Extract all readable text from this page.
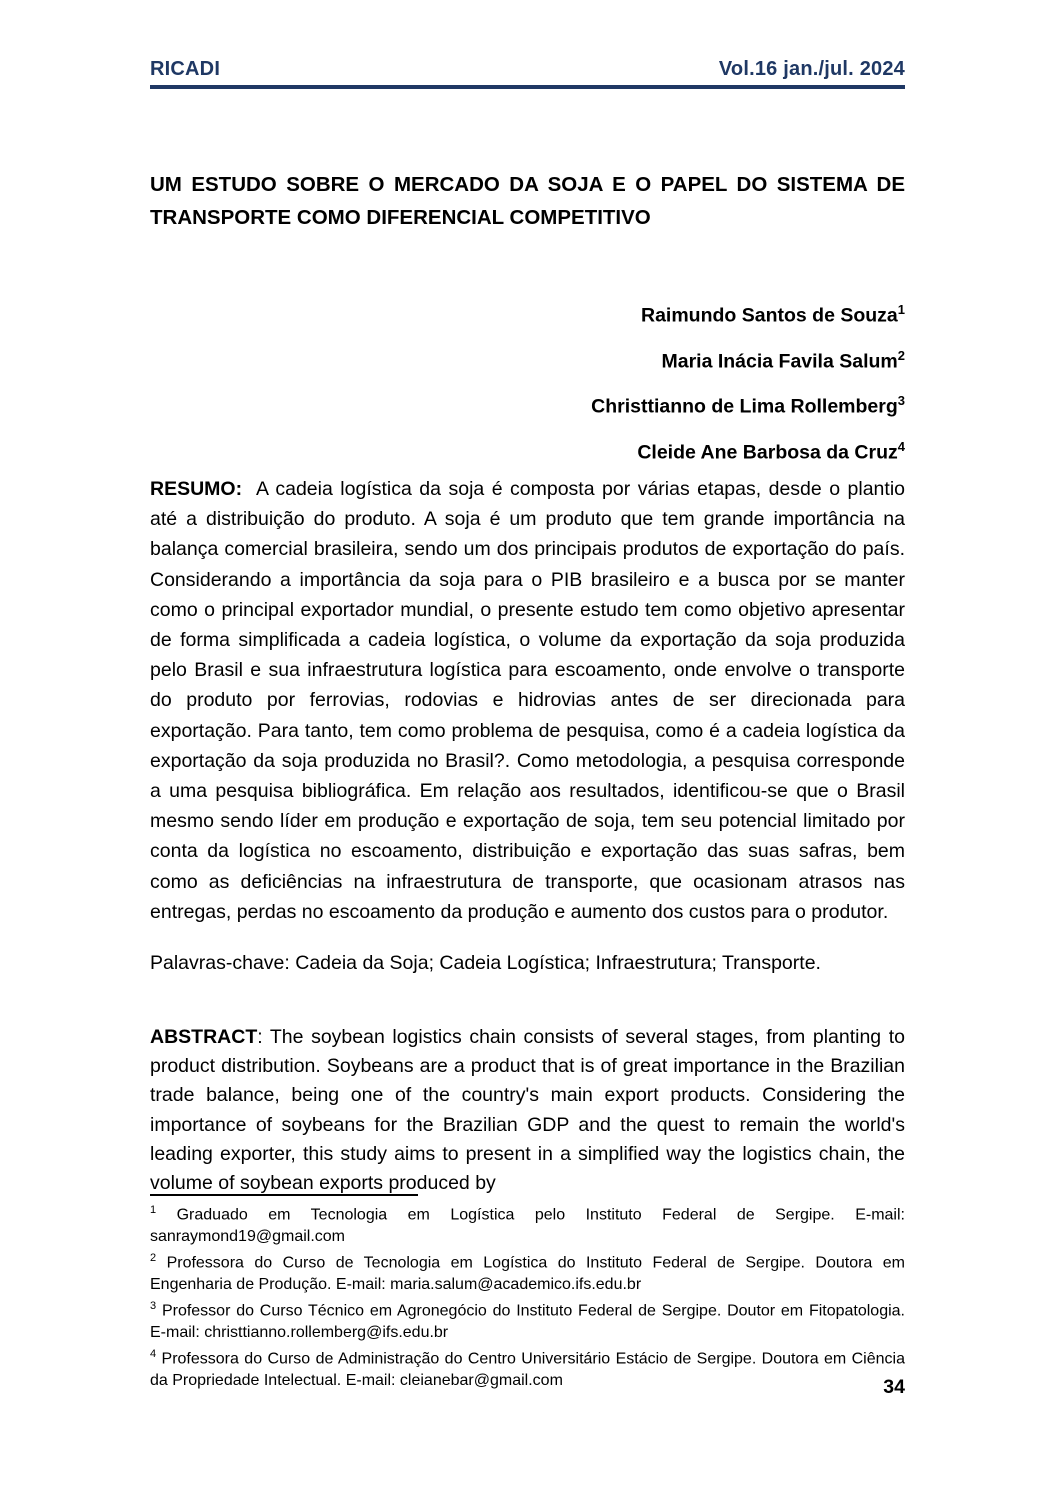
RICADI	Vol.16 jan./jul. 2024
UM ESTUDO SOBRE O MERCADO DA SOJA E O PAPEL DO SISTEMA DE TRANSPORTE COMO DIFERENCIAL COMPETITIVO
Raimundo Santos de Souza$^1$
Maria Inácia Favila Salum$^2$
Christtianno de Lima Rollemberg$^3$
Cleide Ane Barbosa da Cruz$^4$

RESUMO: A cadeia logística da soja é composta por várias etapas, desde o plantio até a distribuição do produto. A soja é um produto que tem grande importância na balança comercial brasileira, sendo um dos principais produtos de exportação do país. Considerando a importância da soja para o PIB brasileiro e a busca por se manter como o principal exportador mundial, o presente estudo tem como objetivo apresentar de forma simplificada a cadeia logística, o volume da exportação da soja produzida pelo Brasil e sua infraestrutura logística para escoamento, onde envolve o transporte do produto por ferrovias, rodovias e hidrovias antes de ser direcionada para exportação. Para tanto, tem como problema de pesquisa, como é a cadeia logística da exportação da soja produzida no Brasil?. Como metodologia, a pesquisa corresponde a uma pesquisa bibliográfica. Em relação aos resultados, identificou-se que o Brasil mesmo sendo líder em produção e exportação de soja, tem seu potencial limitado por conta da logística no escoamento, distribuição e exportação das suas safras, bem como as deficiências na infraestrutura de transporte, que ocasionam atrasos nas entregas, perdas no escoamento da produção e aumento dos custos para o produtor.

Palavras-chave: Cadeia da Soja; Cadeia Logística; Infraestrutura; Transporte.

ABSTRACT: The soybean logistics chain consists of several stages, from planting to product distribution. Soybeans are a product that is of great importance in the Brazilian trade balance, being one of the country's main export products. Considering the importance of soybeans for the Brazilian GDP and the quest to remain the world's leading exporter, this study aims to present in a simplified way the logistics chain, the volume of soybean exports produced by

$^1$ Graduado em Tecnologia em Logística pelo Instituto Federal de Sergipe. E-mail: sanraymond19@gmail.com

$^2$ Professora do Curso de Tecnologia em Logística do Instituto Federal de Sergipe. Doutora em Engenharia de Produção. E-mail: maria.salum@academico.ifs.edu.br

$^3$ Professor do Curso Técnico em Agronegócio do Instituto Federal de Sergipe. Doutor em Fitopatologia. E-mail: christtianno.rollemberg@ifs.edu.br

$^4$ Professora do Curso de Administração do Centro Universitário Estácio de Sergipe. Doutora em Ciência da Propriedade Intelectual. E-mail: cleianebar@gmail.com	34
